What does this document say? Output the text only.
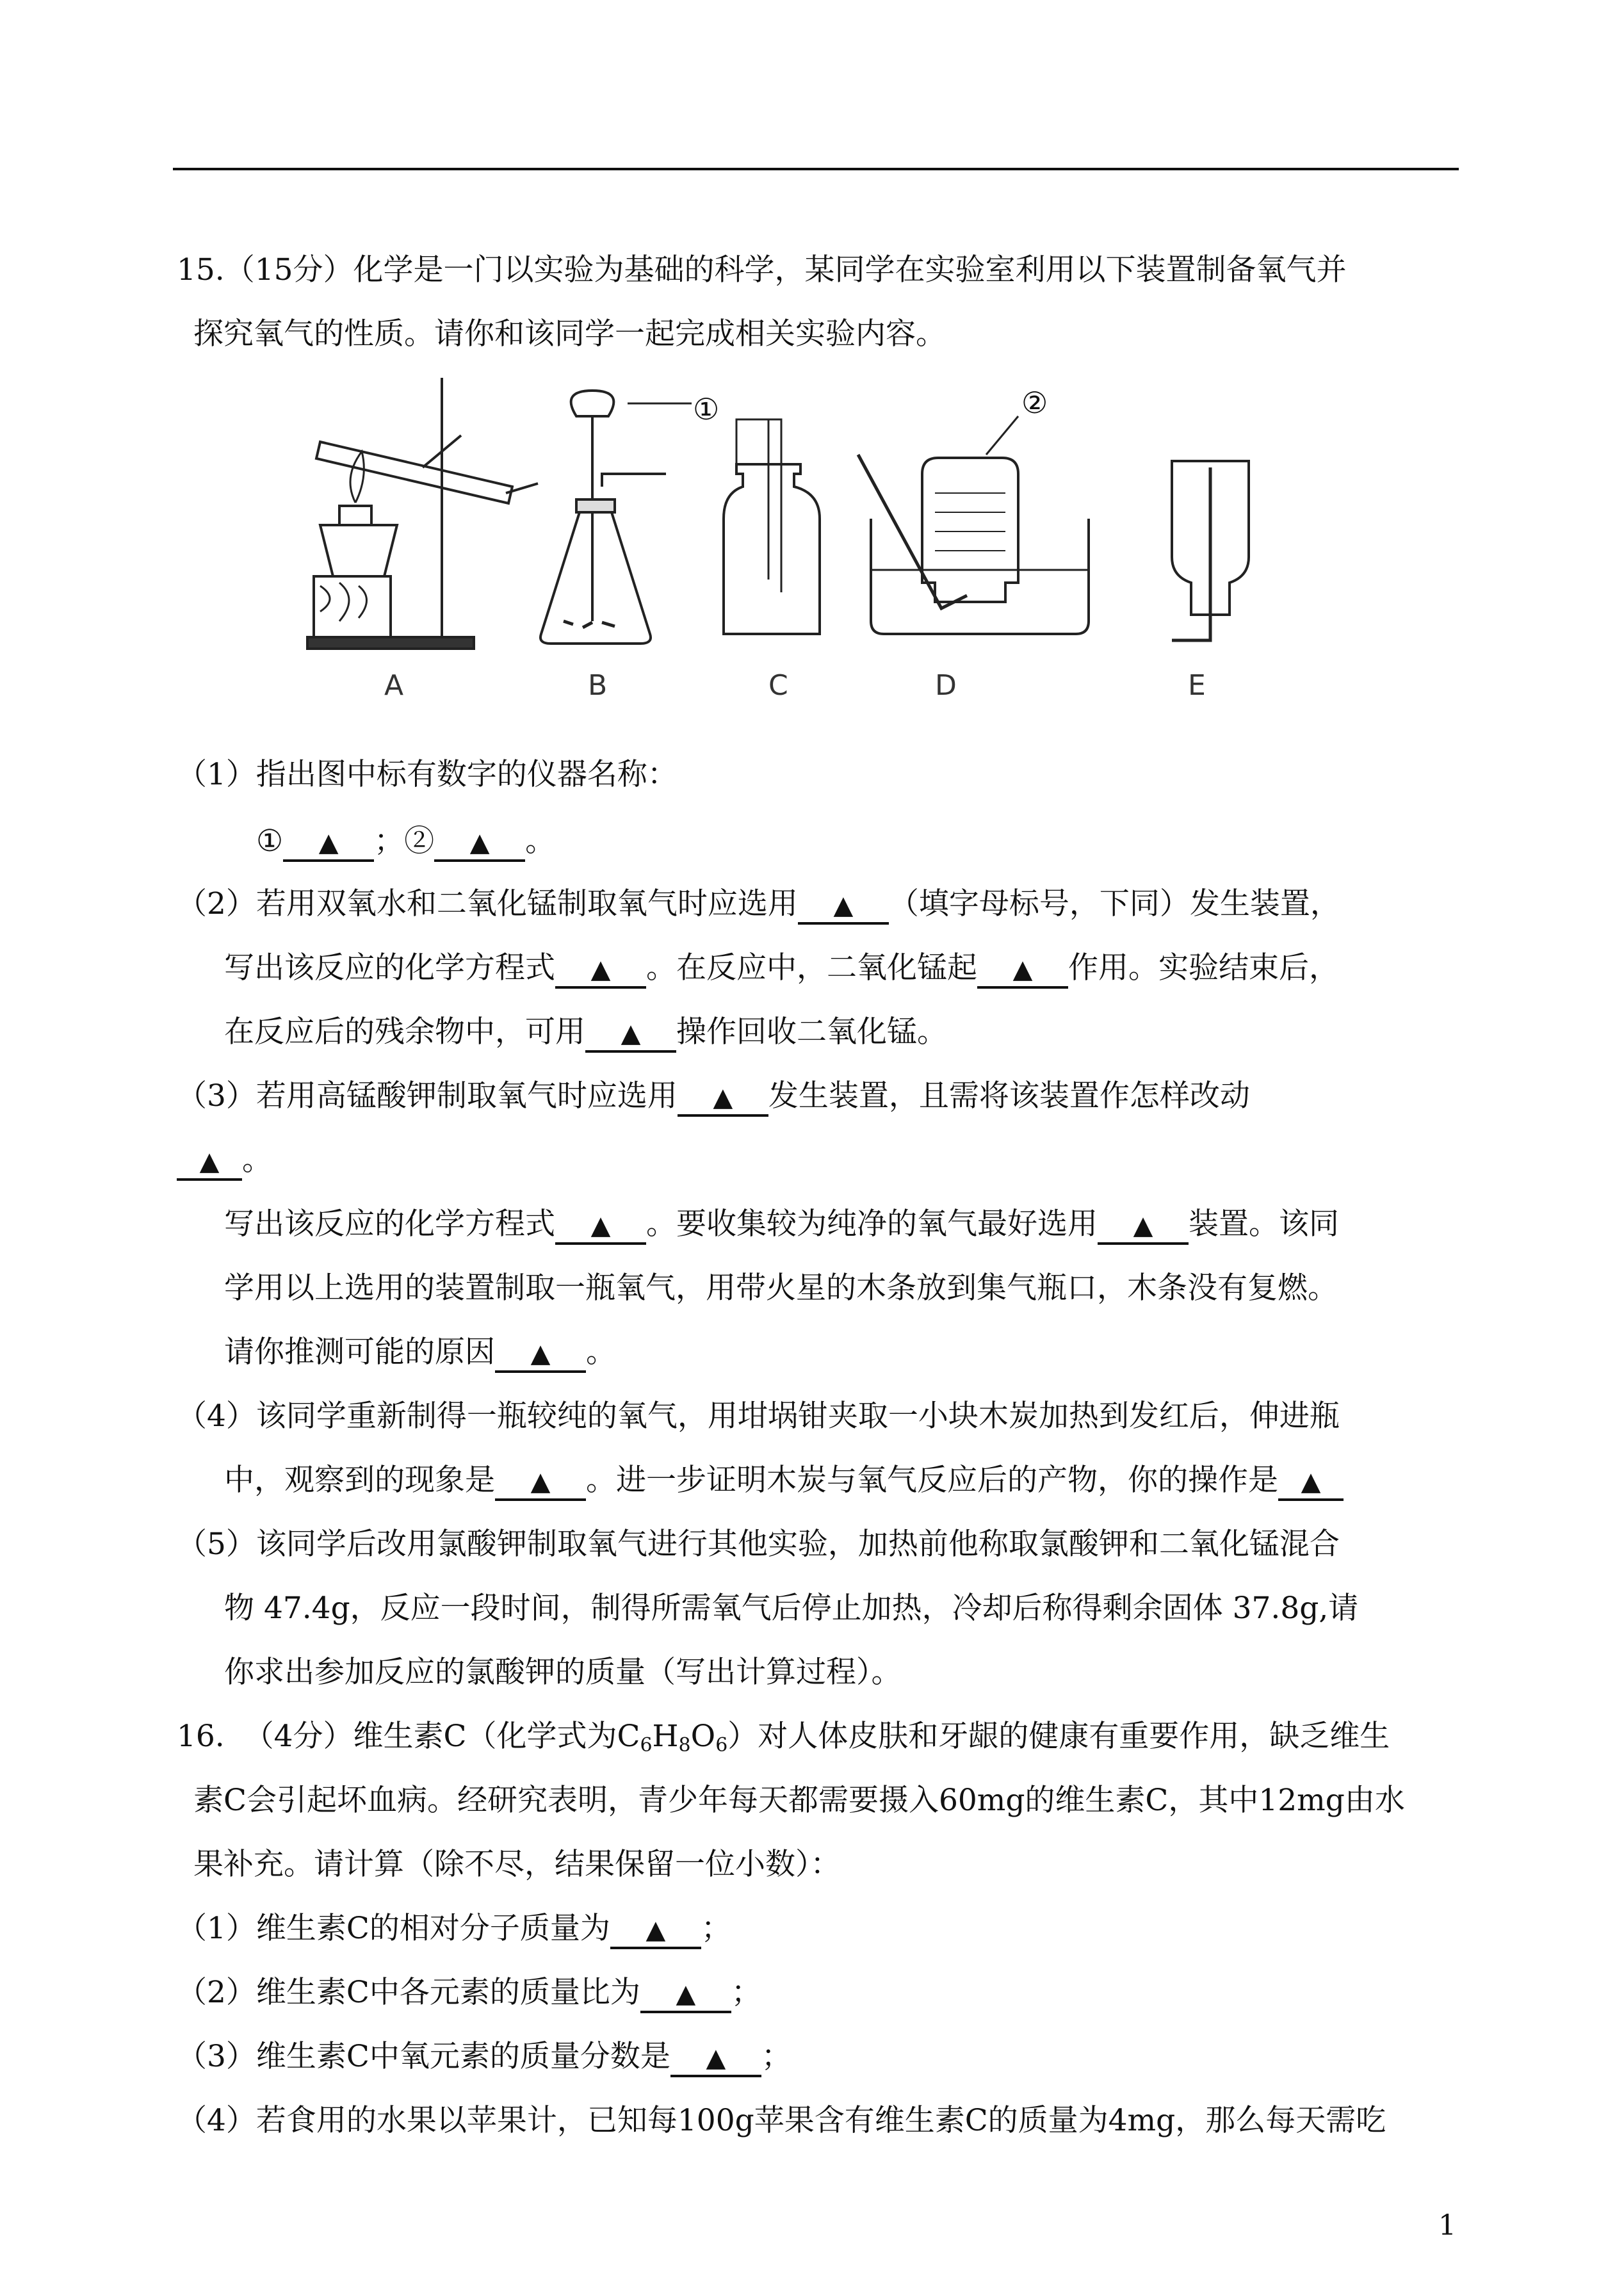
15.（15分）化学是一门以实验为基础的科学，某同学在实验室利用以下装置制备氧气并
探究氧气的性质。请你和该同学一起完成相关实验内容。
B	C	D	E
A
①	②
（1）指出图中标有数字的仪器名称：
① ▲ ；② ▲ 。
（2）若用双氧水和二氧化锰制取氧气时应选用 ▲ （填字母标号，下同）发生装置，
写出该反应的化学方程式 ▲ 。在反应中，二氧化锰起 ▲ 作用。实验结束后，
在反应后的残余物中，可用 ▲ 操作回收二氧化锰。
（3）若用高锰酸钾制取氧气时应选用 ▲ 发生装置，且需将该装置作怎样改动
▲ 。
写出该反应的化学方程式 ▲ 。要收集较为纯净的氧气最好选用 ▲ 装置。该同
学用以上选用的装置制取一瓶氧气，用带火星的木条放到集气瓶口，木条没有复燃。
请你推测可能的原因 ▲ 。
（4）该同学重新制得一瓶较纯的氧气，用坩埚钳夹取一小块木炭加热到发红后，伸进瓶
中，观察到的现象是 ▲ 。进一步证明木炭与氧气反应后的产物，你的操作是 ▲
（5）该同学后改用氯酸钾制取氧气进行其他实验，加热前他称取氯酸钾和二氧化锰混合
物 47.4g，反应一段时间，制得所需氧气后停止加热，冷却后称得剩余固体 37.8g,请
你求出参加反应的氯酸钾的质量（写出计算过程）。
16.  （4分）维生素C（化学式为$C_6H_8O_6$）对人体皮肤和牙龈的健康有重要作用，缺乏维生
素C会引起坏血病。经研究表明，青少年每天都需要摄入60mg的维生素C，其中12mg由水
果补充。请计算（除不尽，结果保留一位小数）：
（1）维生素C的相对分子质量为 ▲ ；
（2）维生素C中各元素的质量比为 ▲ ；
（3）维生素C中氧元素的质量分数是 ▲ ；
（4）若食用的水果以苹果计，已知每100g苹果含有维生素C的质量为4mg，那么每天需吃
1
